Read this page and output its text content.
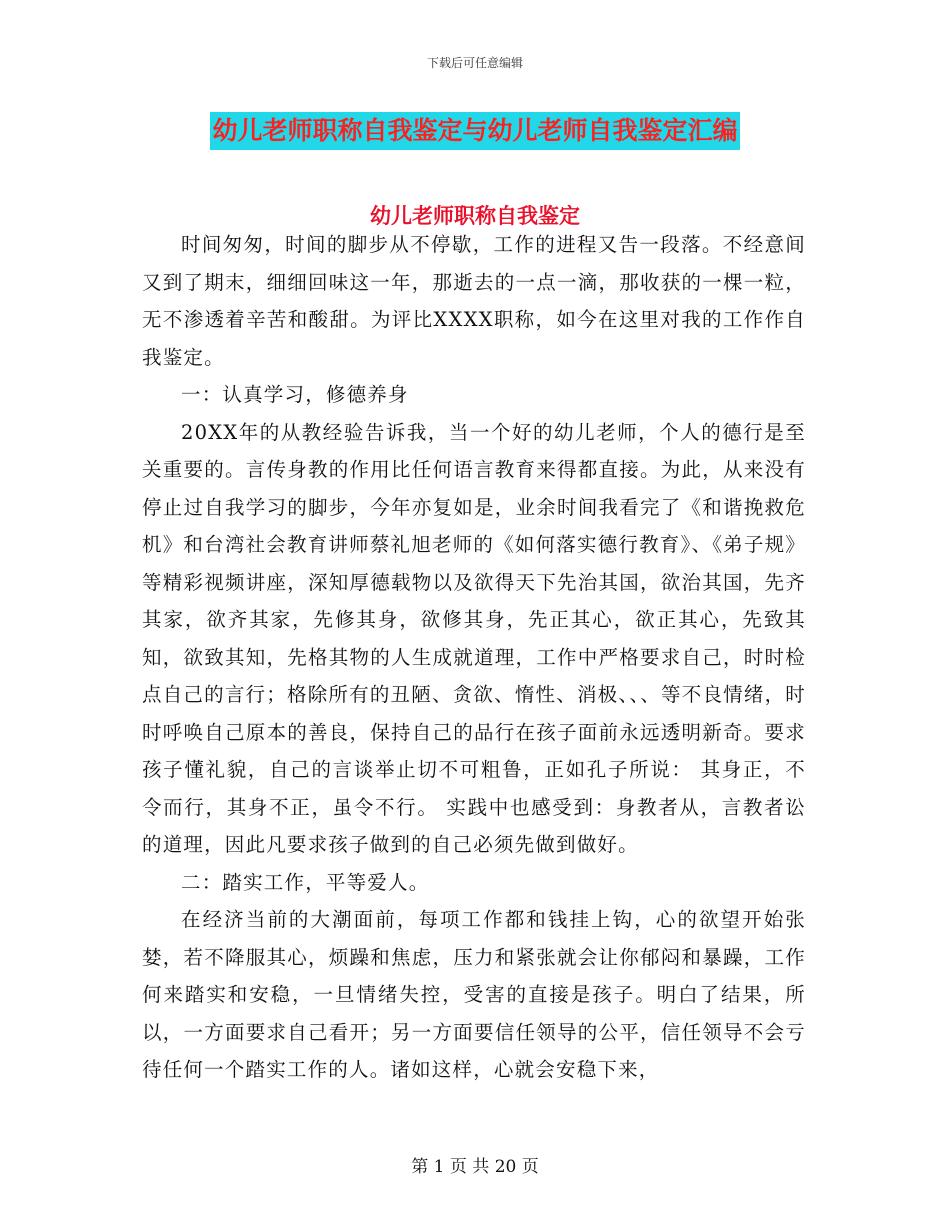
下载后可任意编辑
幼儿老师职称自我鉴定与幼儿老师自我鉴定汇编
幼儿老师职称自我鉴定

时间匆匆，时间的脚步从不停歇，工作的进程又告一段落。不经意间又到了期末，细细回味这一年，那逝去的一点一滴，那收获的一棵一粒，无不渗透着辛苦和酸甜。为评比XXXX职称，如今在这里对我的工作作自我鉴定。

一：认真学习，修德养身

20XX年的从教经验告诉我，当一个好的幼儿老师，个人的德行是至关重要的。言传身教的作用比任何语言教育来得都直接。为此，从来没有停止过自我学习的脚步，今年亦复如是，业余时间我看完了《和谐挽救危机》和台湾社会教育讲师蔡礼旭老师的《如何落实德行教育》、《弟子规》等精彩视频讲座，深知厚德载物以及欲得天下先治其国，欲治其国，先齐其家，欲齐其家，先修其身，欲修其身，先正其心，欲正其心，先致其知，欲致其知，先格其物的人生成就道理，工作中严格要求自己，时时检点自己的言行；格除所有的丑陋、贪欲、惰性、消极、、、等不良情绪，时时呼唤自己原本的善良，保持自己的品行在孩子面前永远透明新奇。要求孩子懂礼貌，自己的言谈举止切不可粗鲁，正如孔子所说： 其身正，不令而行，其身不正，虽令不行。 实践中也感受到：身教者从，言教者讼 的道理，因此凡要求孩子做到的自己必须先做到做好。

二：踏实工作，平等爱人。

在经济当前的大潮面前，每项工作都和钱挂上钩，心的欲望开始张婪，若不降服其心，烦躁和焦虑，压力和紧张就会让你郁闷和暴躁，工作何来踏实和安稳，一旦情绪失控，受害的直接是孩子。明白了结果，所以，一方面要求自己看开；另一方面要信任领导的公平，信任领导不会亏待任何一个踏实工作的人。诸如这样，心就会安稳下来，

第 1 页 共 20 页
